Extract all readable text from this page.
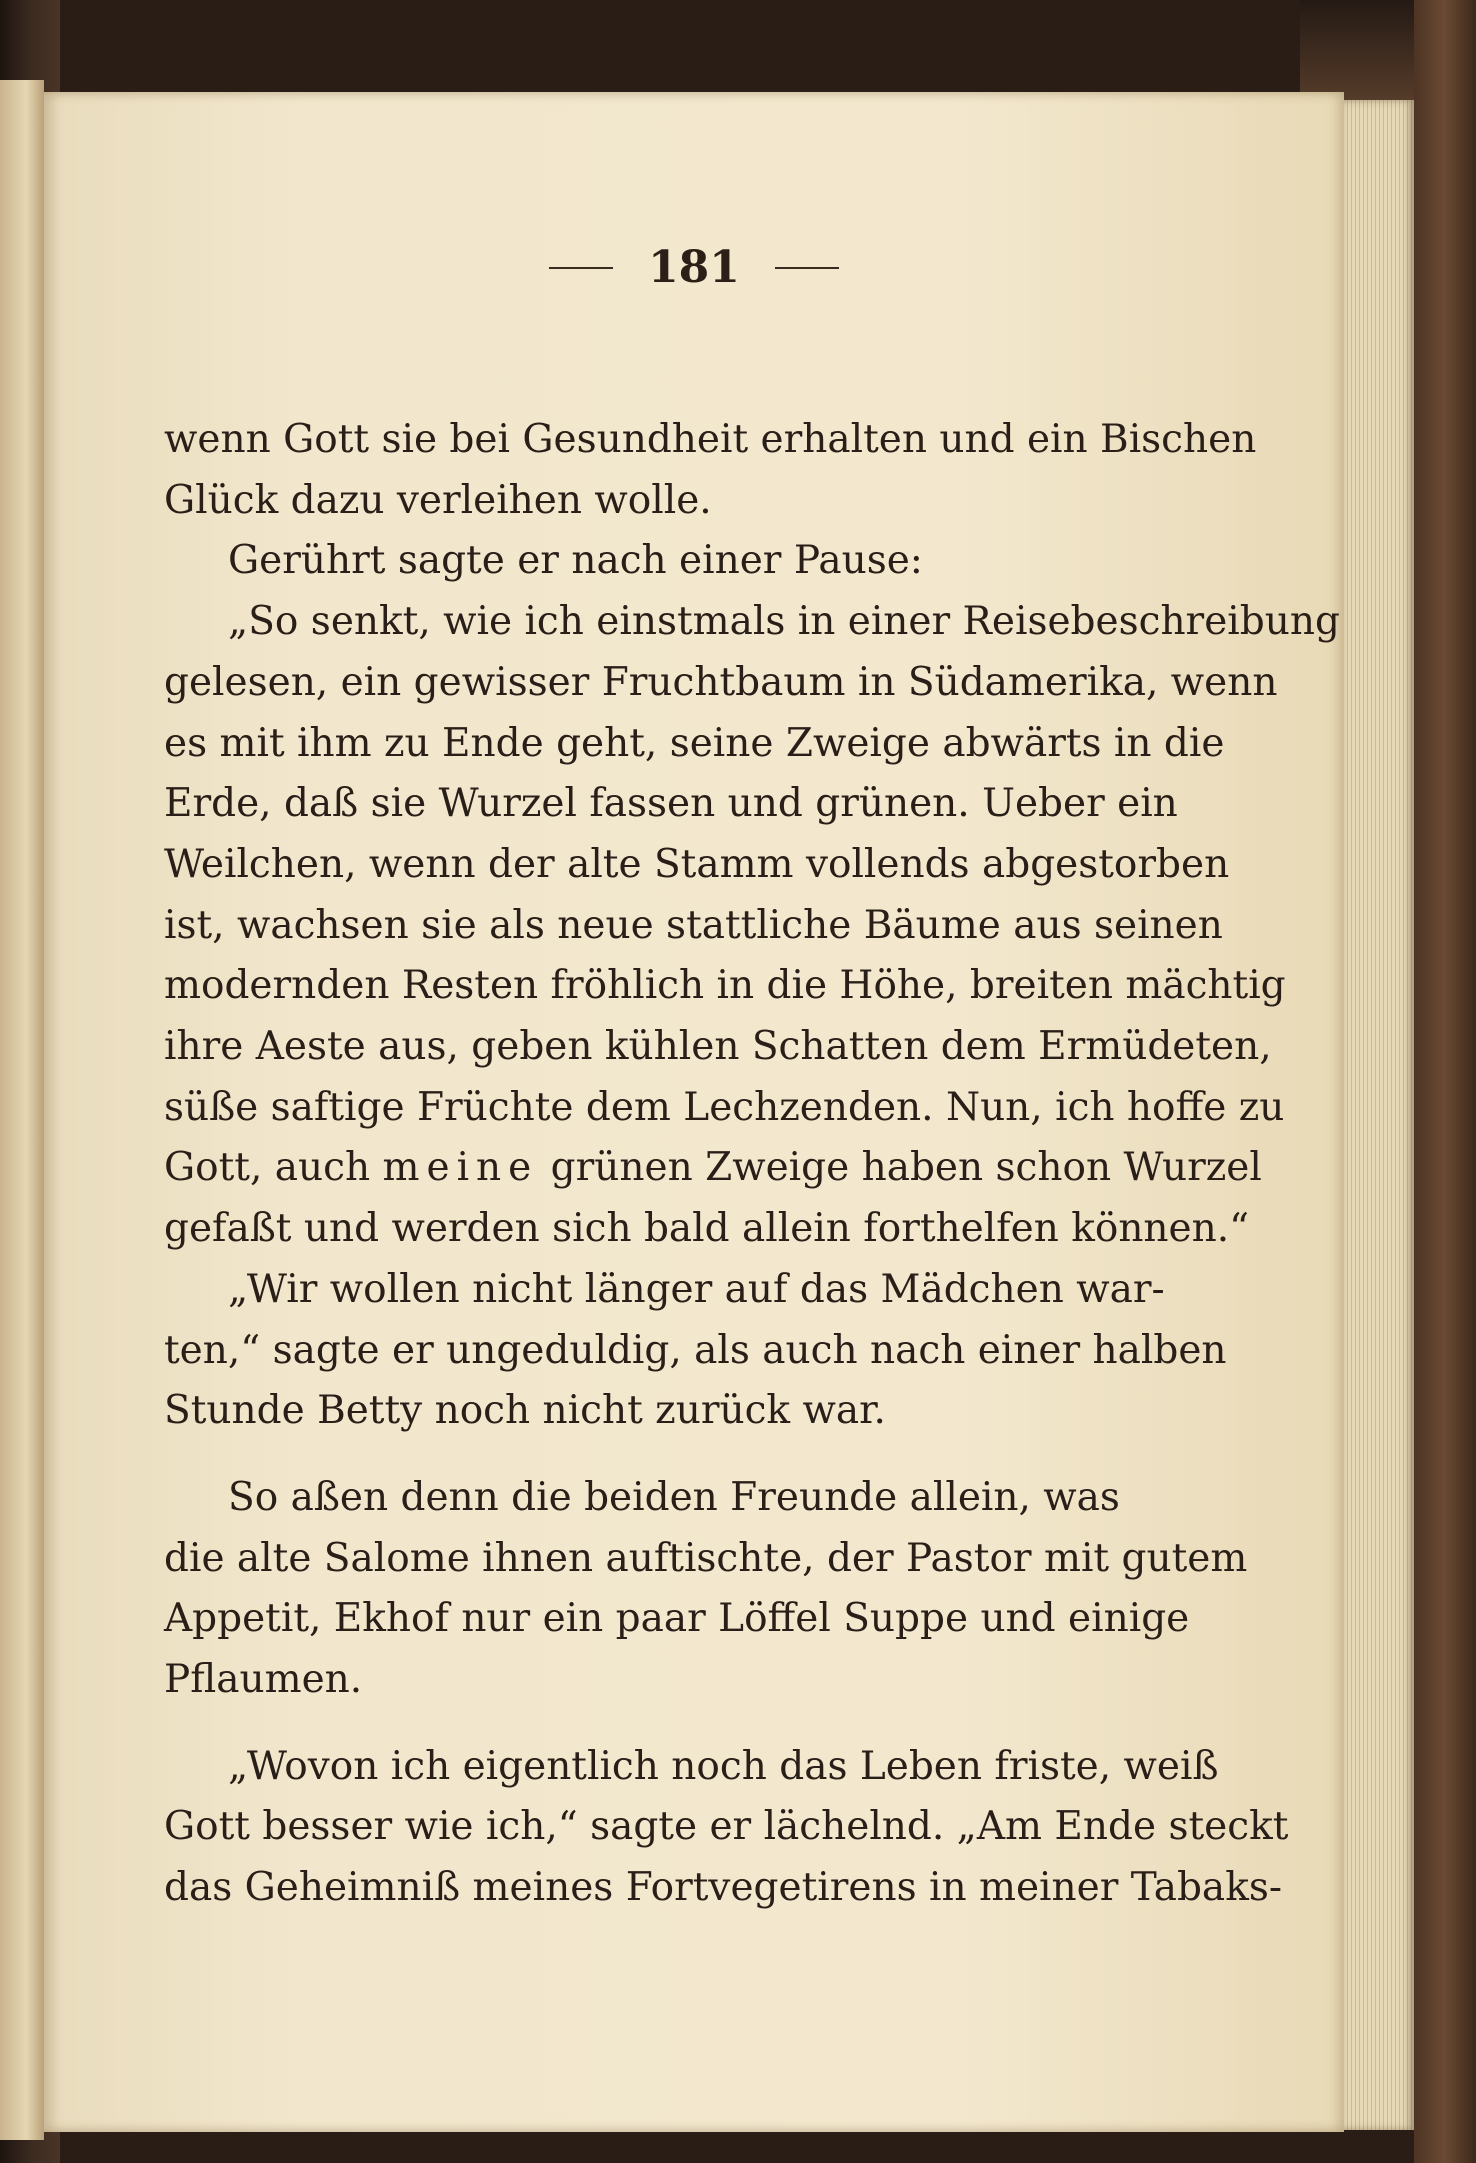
181
wenn Gott sie bei Gesundheit erhalten und ein Bischen
Glück dazu verleihen wolle.
Gerührt sagte er nach einer Pause:
„So senkt, wie ich einstmals in einer Reisebeschreibung
gelesen, ein gewisser Fruchtbaum in Südamerika, wenn
es mit ihm zu Ende geht, seine Zweige abwärts in die
Erde, daß sie Wurzel fassen und grünen. Ueber ein
Weilchen, wenn der alte Stamm vollends abgestorben
ist, wachsen sie als neue stattliche Bäume aus seinen
modernden Resten fröhlich in die Höhe, breiten mächtig
ihre Aeste aus, geben kühlen Schatten dem Ermüdeten,
süße saftige Früchte dem Lechzenden. Nun, ich hoffe zu
Gott, auch meine grünen Zweige haben schon Wurzel
gefaßt und werden sich bald allein forthelfen können.“
„Wir wollen nicht länger auf das Mädchen war-
ten,“ sagte er ungeduldig, als auch nach einer halben
Stunde Betty noch nicht zurück war.
So aßen denn die beiden Freunde allein, was
die alte Salome ihnen auftischte, der Pastor mit gutem
Appetit, Ekhof nur ein paar Löffel Suppe und einige
Pflaumen.
„Wovon ich eigentlich noch das Leben friste, weiß
Gott besser wie ich,“ sagte er lächelnd. „Am Ende steckt
das Geheimniß meines Fortvegetirens in meiner Tabaks-
